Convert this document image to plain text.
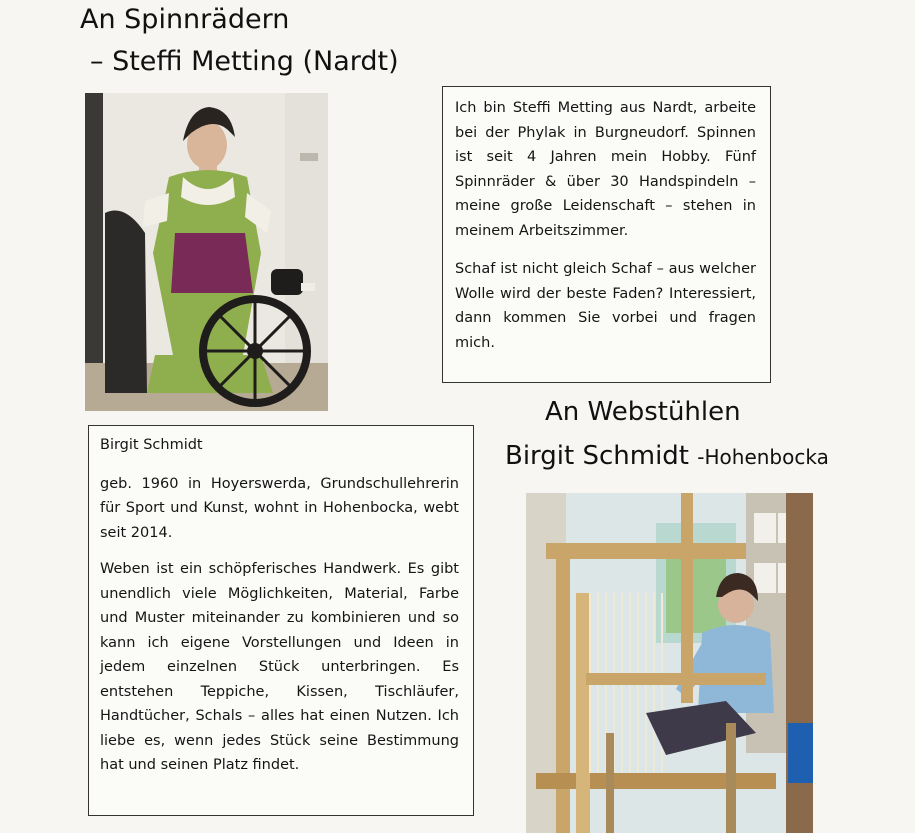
An Spinnrädern
– Steffi Metting (Nardt)

Ich bin Steffi Metting aus Nardt, arbeite bei der Phylak in Burgneudorf. Spinnen ist seit 4 Jahren mein Hobby. Fünf Spinnräder & über 30 Handspindeln – meine große Leidenschaft – stehen in meinem Arbeitszimmer.

Schaf ist nicht gleich Schaf – aus welcher Wolle wird der beste Faden? Interessiert, dann kommen Sie vorbei und fragen mich.

An Webstühlen
Birgit Schmidt -Hohenbocka

Birgit Schmidt

geb. 1960 in Hoyerswerda, Grundschullehrerin für Sport und Kunst, wohnt in Hohenbocka, webt seit 2014.

Weben ist ein schöpferisches Handwerk. Es gibt unendlich viele Möglichkeiten, Material, Farbe und Muster miteinander zu kombinieren und so kann ich eigene Vorstellungen und Ideen in jedem einzelnen Stück unterbringen. Es entstehen Teppiche, Kissen, Tischläufer, Handtücher, Schals – alles hat einen Nutzen. Ich liebe es, wenn jedes Stück seine Bestimmung hat und seinen Platz findet.
